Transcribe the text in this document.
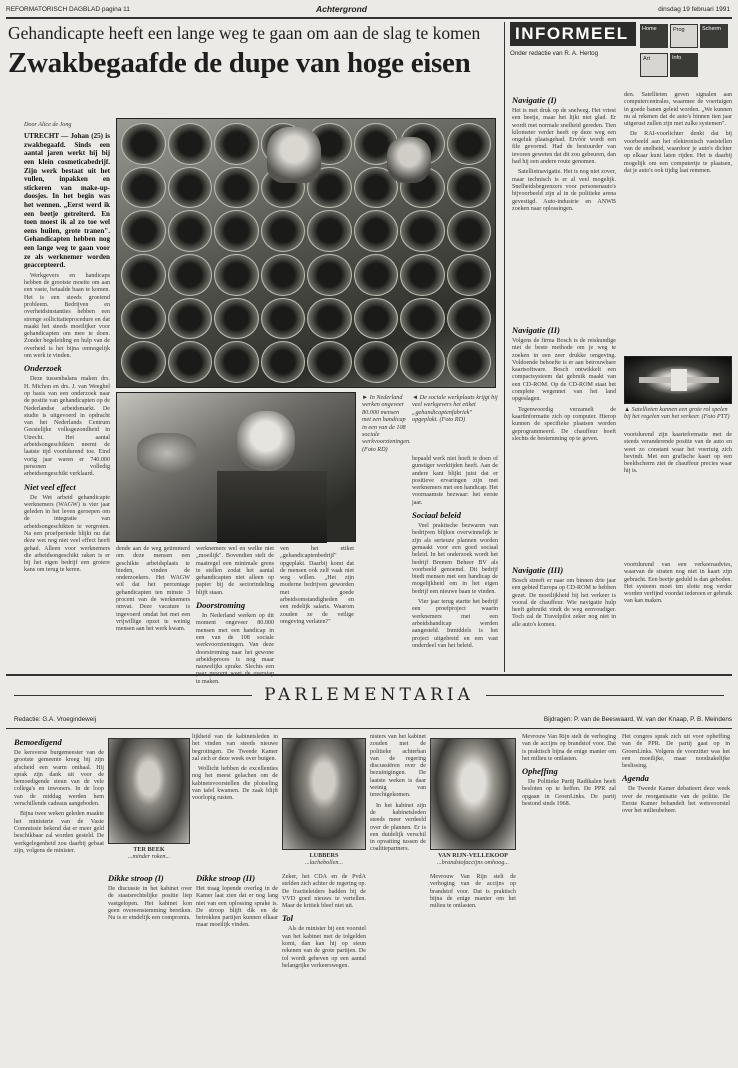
REFORMATORISCH DAGBLAD pagina 11	Achtergrond	dinsdag 19 februari 1991
Gehandicapte heeft een lange weg te gaan om aan de slag te komen
Zwakbegaafde de dupe van hoge eisen

Door Alice de Jong

UTRECHT — Johan (25) is zwakbegaafd. Sinds een aantal jaren werkt hij bij een klein cosmeticabedrijf. Zijn werk bestaat uit het vullen, inpakken en stickeren van make-up-doosjes. In het begin was het wennen. „Eerst werd ik een beetje getreiterd. En toen moest ik al zo toe wel eens huilen, grote tranen". Gehandicapten hebben nog een lange weg te gaan voor ze als werknemer worden geaccepteerd.

Werkgevers en handicaps hebben de grootste moeite om aan een vaste, betaalde baan te komen. Het is een steeds groeiend probleem. Bedrijven en overheidsinstanties hebben een strenge sollicitatieprocedure en dat maakt het steeds moeilijker voor gehandicapten om mee te doen. Zonder begeleiding en hulp van de overheid is het bijna onmogelijk om werk te vinden.

Onderzoek

Deze tussenbalans maken drs. H. Michon en drs. J. van Weeghel op basis van een onderzoek naar de positie van gehandicapten op de Nederlandse arbeidsmarkt. De studie is uitgevoerd in opdracht van het Nederlands Centrum Geestelijke volksgezondheid in Utrecht. Het aantal arbeidsongeschikten neemt de laatste tijd voortdurend toe. Eind vorig jaar waren er 740.000 personen volledig arbeidsongeschikt verklaard.

Niet veel effect

De Wet arbeid gehandicapte werknemers (WAGW) is vier jaar geleden in het leven geroepen om de integratie van arbeidsongeschikten te vergroten. Na een proefperiode blijkt nu dat deze wet nog niet veel effect heeft gehad. Alleen voor werknemers die arbeidsongeschikt raken is er bij het eigen bedrijf een grotere kans om terug te keren.

► In Nederland werken ongeveer 80.000 mensen met een handicap in een van de 108 sociale werkvoorzieningen. (Foto RD)
◄ De sociale werkplaats krijgt bij veel werkgevers het etiket „gehandicaptenfabriek" opgeplakt. (Foto RD)

dende aan de weg getimmerd om deze mensen een geschikte arbeidsplaats te bieden, vinden de onderzoekers. Het WAGW wil dat het percentage gehandicapten ten minste 3 procent van de werknemers omvat. Deze vacature is ingevoerd omdat het met een vrijwillige opzet te weinig mensen aan het werk kwam.

werknemers wel en welke niet „moeilijk". Bovendien stelt de maatregel een minimale grens te stellen zodat het aantal gehandicapten niet alleen op papier bij de sectorindeling blijft staan.

Doorstroming

In Nederland werken op dit moment ongeveer 80.000 mensen met een handicap in een van de 108 sociale werkvoorzieningen. Van deze doorstroming naar het gewone arbeidsproces is nog maar nauwelijks sprake. Slechts een te maken.

ven het etiket „gehandicaptenbedrijf" opgeplakt. Daarbij komt dat de mensen ook zelf vaak niet weg willen. „Het zijn moderne bedrijven geworden met goede arbeidsomstandigheden en een redelijk salaris. Waarom zouden ze de veilige omgeving verlaten?"

bepaald werk niet hoeft te doen of gunstiger werktijden heeft. Aan de andere kant blijkt juist dat er positieve ervaringen zijn met werknemers met een handicap. Het voornaamste bezwaar: het eerste jaar.

Sociaal beleid

Veel praktische bezwaren van bedrijven blijken overwinnelijk te zijn als serieuze plannen worden gemaakt voor een goed sociaal beleid. In het onderzoek wordt het bedrijf Bremen Beheer BV als voorbeeld genoemd. Dit bedrijf biedt mensen met een handicap de mogelijkheid om in het eigen bedrijf een nieuwe baan te vinden.

Vier jaar terug startte het bedrijf een proefproject waarin werknemers met een arbeidshandicap werden aangesteld. Inmiddels is het project uitgebreid en een vast onderdeel van het beleid.

INFORMEEL
Onder redactie van R. A. Hertog
Home	Prog	Scherm
Art	Info
Navigatie (I)

Het is met druk op de snelweg. Het vriest een beetje, maar het lijkt niet glad. Er wordt met normale snelheid gereden. Tien kilometer verder heeft op deze weg een ongeluk plaatsgehad. Ervóór wordt een file gevormd. Had de bestuurder van tevoren geweten dat dit zou gebeuren, dan had hij een andere route genomen.

Satellietnavigatie. Het is nog niet zover, maar technisch is er al veel mogelijk. Snelheidsbegrenzers voor personenauto's bijvoorbeeld zijn al in de politieke arena gevestigd. Auto-industrie en ANWB zoeken naar oplossingen.

den. Satellieten geven signalen aan computercentrales, waarmee de voertuigen in goede banen geleid worden. „We kunnen nu al rekenen dat de auto's binnen tien jaar uitgerust zullen zijn met zulke systemen".

De RAI-voorlichter denkt dat bij voorbeeld aan het elektronisch vaststellen van de snelheid, waardoor je auto's dichter op elkaar kunt laten rijden. Het is daarbij mogelijk om een computertje te plaatsen, dat je auto's ook tijdig laat remmen.

▲ Satellieten kunnen een grote rol spelen bij het regelen van het verkeer. (Foto PTT)
Navigatie (II)

Volgens de firma Bosch is de reiskundige niet de beste methode om je weg te zoeken in een zeer drukke omgeving. Voldoende behoefte is er aan betrouwbare kaartsoftware. Bosch ontwikkelt een compactsysteem dat gebruik maakt van een CD-ROM. Op de CD-ROM staat het complete wegennet van het land opgeslagen.

Tegenwoordig verzamelt de kaartinformatie zich op computer. Hierop kunnen de specifieke plaatsen worden geprogrammeerd. De chauffeur hoeft slechts de bestemming op te geven.

voortdurend zijn kaarteformatie met de steeds veranderende positie van de auto en weet zo constant waar het voertuig zich bevindt. Met een grafische kaart op een beeldscherm ziet de chauffeur precies waar hij is.

Navigatie (III)

Bosch streeft er naar om binnen drie jaar een gebied Europa op CD-ROM te hebben gezet. De moeilijkheid bij het verkeer is vooral de chauffeur. Wie navigatie hulp heeft gebruikt vindt de weg eenvoudiger. Toch zal de Travelpilot zeker nog niet in alle auto's komen.

voortdurend van een verkeersadvies, waarvan de straten nog niet in kaart zijn gebracht. Een beetje geduld is dan geboden. Het systeem moet ten slotte nog verder worden verfijnd voordat iedereen er gebruik van kan maken.

PARLEMENTARIA
Redactie: G.A. Vroegindeweij	Bijdragen: P. van de Beeswaard, W. van der Knaap, P. B. Meindens
Bemoedigend

De kersverse burgemeester van de grootste gemeente kreeg bij zijn afscheid een warm onthaal. Hij sprak zijn dank uit voor de bemoedigende steun van de vele collega's en inwoners. In de loop van de middag werden hem verschillende cadeaus aangeboden.

Bijna twee weken geleden maakte het ministerie van de Vaste Commissie bekend dat er meer geld beschikbaar zal worden gesteld. De werkgelegenheid zou daarbij gebaat zijn, volgens de minister.	TER BEEK
...minder roken...

lijkheid van de kabinetsleden in het vinden van steeds nieuwe begrotingen. De Tweede Kamer zal zich er deze week over buigen.

Wollicht hebben de excellenties nog het meest gelachen om de kabinetsvoorstellen die plotseling van tafel kwamen. De zaak blijft voorlopig rusten.

Dikke stroop (I)

De discussie in het kabinet over de staatsrechtelijke positie liep vastgelopen. Het kabinet kon geen overeenstemming bereiken. Nu is er eindelijk een compromis.

Dikke stroop (II)

Het traag lopende overleg in de Kamer laat zien dat er nog lang niet van een oplossing sprake is. De stroop blijft dik en de betrokken partijen kunnen elkaar maar moeilijk vinden.

LUBBERS
...lachebollen...

Zeker, het CDA en de PvdA stelden zich achter de regering op. De fractieleiders hadden bij de VVD goed nieuws te vertellen. Maar de kritiek bleef niet uit.

Tol

Als de minister bij een voorstel van het kabinet met de tolgelden komt, dan kan hij op steun rekenen van de grote partijen. De tol wordt geheven op een aantal belangrijke verkeerswegen.

nisters van het kabinet zouden met de politieke achterban van de regering discussiëren over de bezuinigingen. De laatste weken is daar weinig van terechtgekomen.

In het kabinet zijn de kabinetsleden steeds meer verdeeld over de plannen. Er is een duidelijk verschil in opvatting tussen de coalitiepartners.

VAN RIJN-VELLEKOOP
...brandstofaccijns omhoog...

Mevrouw Van Rijn stelt de verhoging van de accijns op brandstof voor. Dat is praktisch bijna de enige manier om het milieu te ontlasten.

Mevrouw Van Rijn stelt de verhoging van de accijns op brandstof voor. Dat is praktisch bijna de enige manier om het milieu te ontlasten.

Opheffing

De Politieke Partij Radikalen heeft besloten op te heffen. De PPR zal opgaan in GroenLinks. De partij bestond sinds 1968.

Het congres sprak zich uit voor opheffing van de PPR. De partij gaat op in GroenLinks. Volgens de voorzitter was het een moeilijke, maar noodzakelijke beslissing.

Agenda

De Tweede Kamer debatteert deze week over de reorganisatie van de politie. De Eerste Kamer behandelt het wetsvoorstel over het milieubeheer.
